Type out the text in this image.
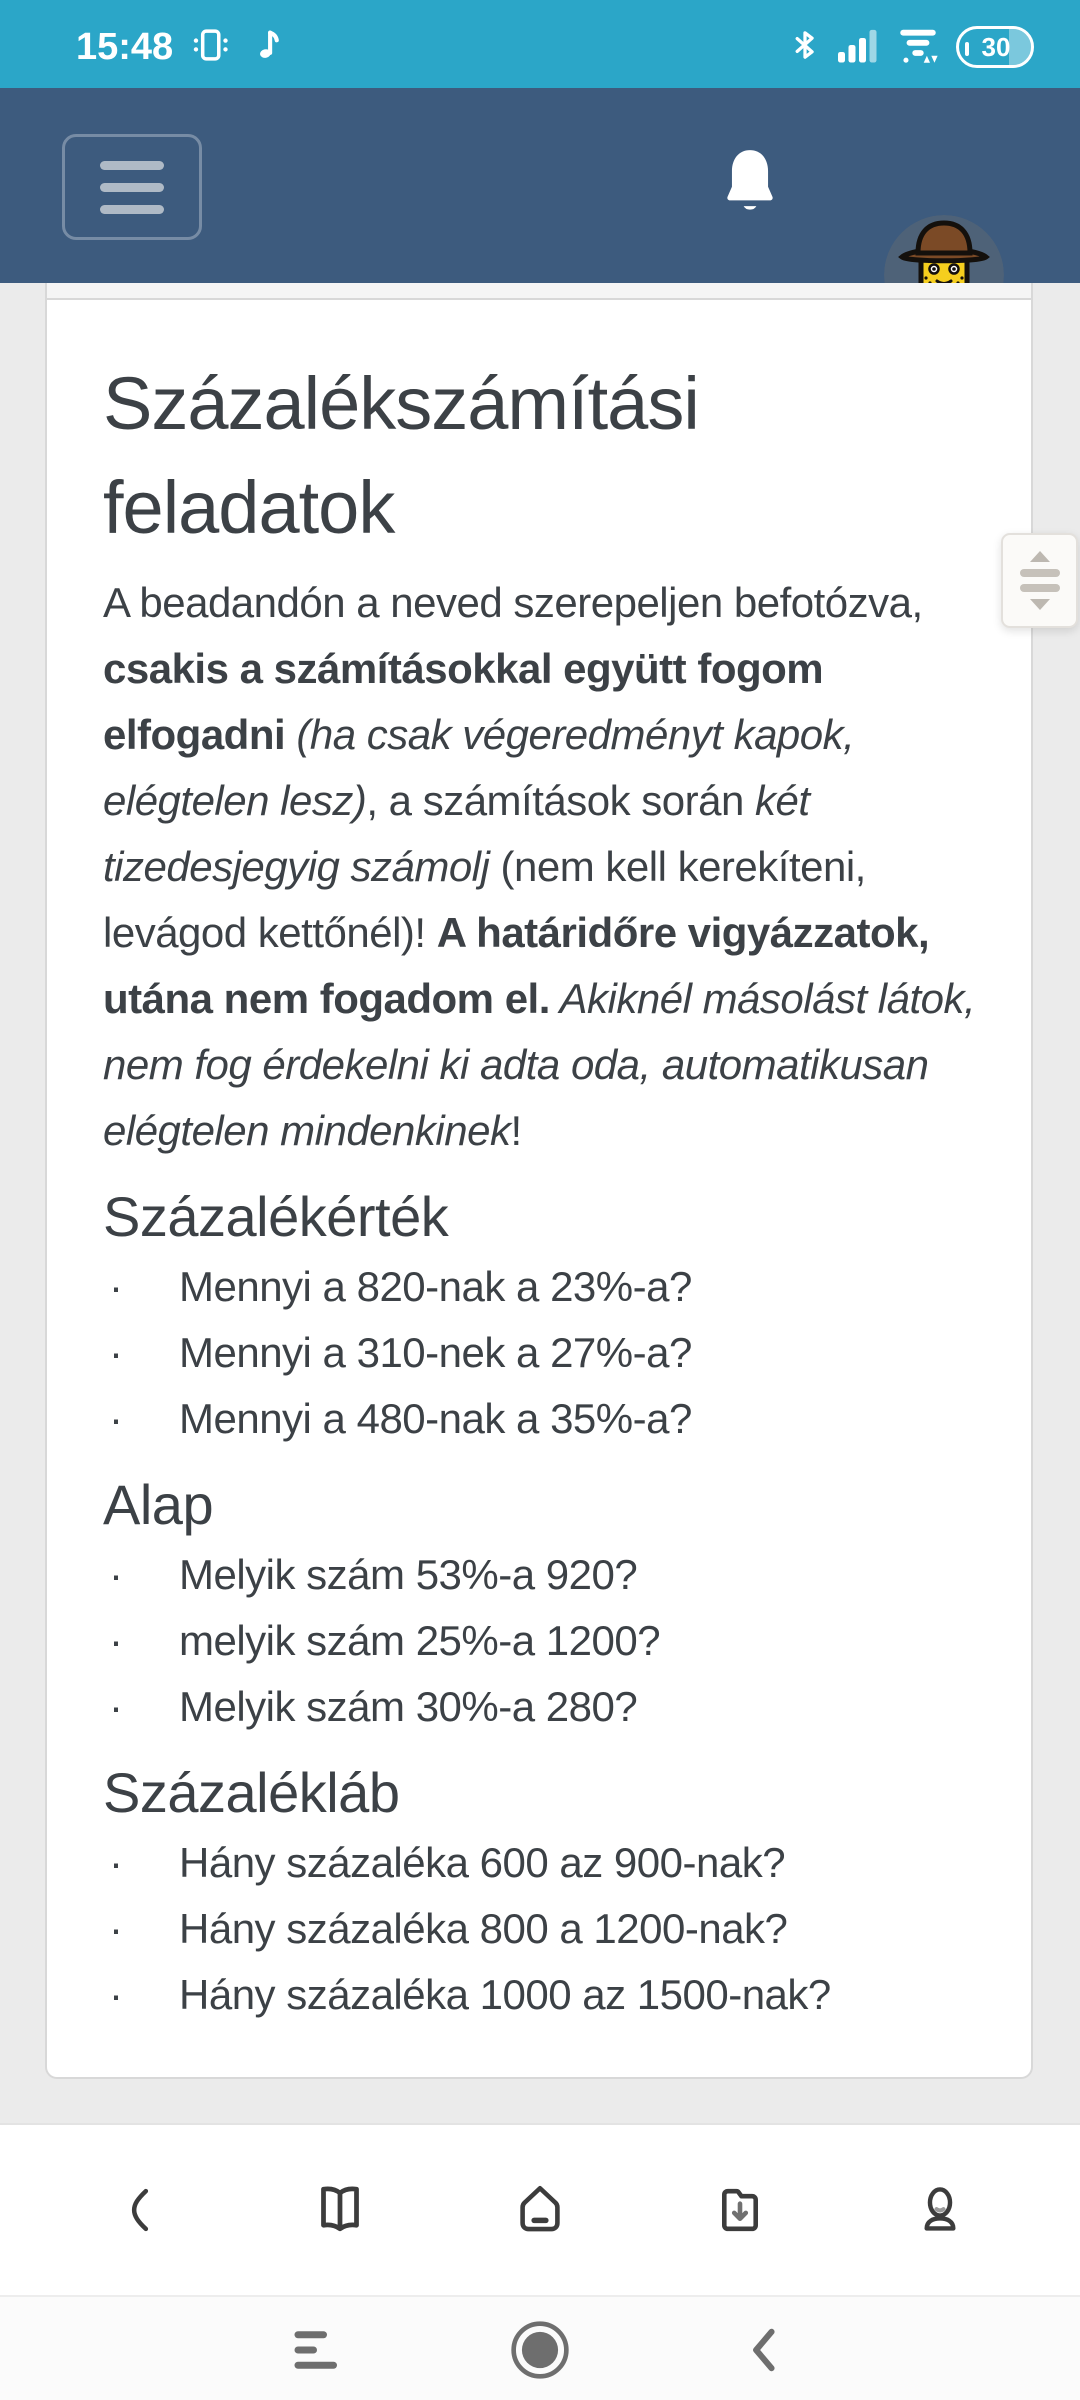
15:48	30
Százalékszámítási feladatok

A beadandón a neved szerepeljen befotózva, csakis a számításokkal együtt fogom elfogadni (ha csak végeredményt kapok, elégtelen lesz), a számítások során két tizedesjegyig számolj (nem kell kerekíteni, levágod kettőnél)! A határidőre vigyázzatok, utána nem fogadom el. Akiknél másolást látok, nem fog érdekelni ki adta oda, automatikusan elégtelen mindenkinek!

Százalékérték
·	Mennyi a 820-nak a 23%-a?
·	Mennyi a 310-nek a 27%-a?
·	Mennyi a 480-nak a 35%-a?
Alap
·	Melyik szám 53%-a 920?
·	melyik szám 25%-a 1200?
·	Melyik szám 30%-a 280?
Százalékláb
·	Hány százaléka 600 az 900-nak?
·	Hány százaléka 800 a 1200-nak?
·	Hány százaléka 1000 az 1500-nak?
